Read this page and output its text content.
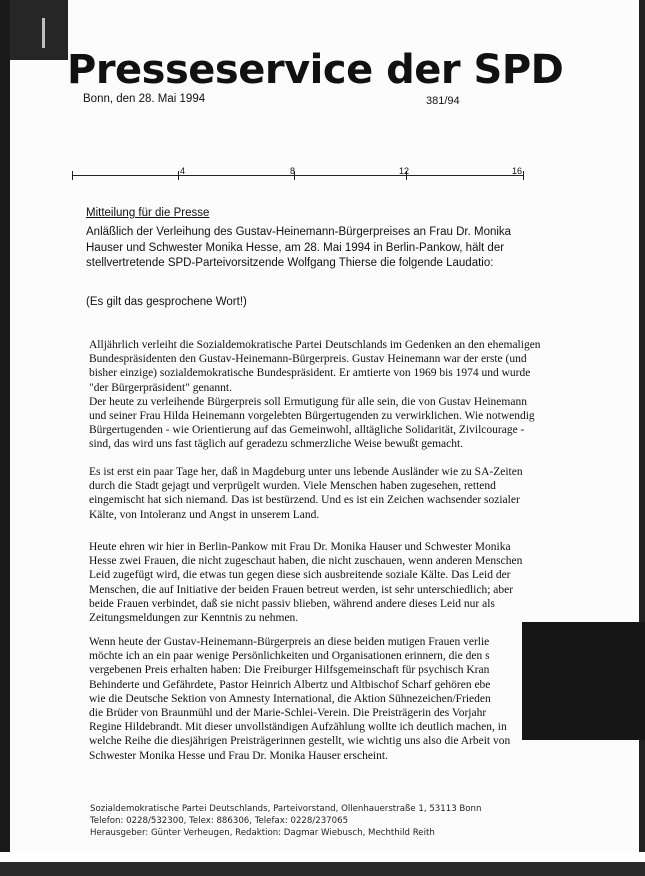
Presseservice der SPD
Bonn, den 28. Mai 1994	381/94
4	8	12	16
Mitteilung für die Presse
Anläßlich der Verleihung des Gustav-Heinemann-Bürgerpreises an Frau Dr. Monika Hauser und Schwester Monika Hesse, am 28. Mai 1994 in Berlin-Pankow, hält der stellvertretende SPD-Parteivorsitzende Wolfgang Thierse die folgende Laudatio:
(Es gilt das gesprochene Wort!)
Alljährlich verleiht die Sozialdemokratische Partei Deutschlands im Gedenken an den ehemaligen
Bundespräsidenten den Gustav-Heinemann-Bürgerpreis. Gustav Heinemann war der erste (und
bisher einzige) sozialdemokratische Bundespräsident. Er amtierte von 1969 bis 1974 und wurde
"der Bürgerpräsident" genannt.
Der heute zu verleihende Bürgerpreis soll Ermutigung für alle sein, die von Gustav Heinemann
und seiner Frau Hilda Heinemann vorgelebten Bürgertugenden zu verwirklichen. Wie notwendig
Bürgertugenden - wie Orientierung auf das Gemeinwohl, alltägliche Solidarität, Zivilcourage -
sind, das wird uns fast täglich auf geradezu schmerzliche Weise bewußt gemacht.
Es ist erst ein paar Tage her, daß in Magdeburg unter uns lebende Ausländer wie zu SA-Zeiten
durch die Stadt gejagt und verprügelt wurden. Viele Menschen haben zugesehen, rettend
eingemischt hat sich niemand. Das ist bestürzend. Und es ist ein Zeichen wachsender sozialer
Kälte, von Intoleranz und Angst in unserem Land.
Heute ehren wir hier in Berlin-Pankow mit Frau Dr. Monika Hauser und Schwester Monika
Hesse zwei Frauen, die nicht zugeschaut haben, die nicht zuschauen, wenn anderen Menschen
Leid zugefügt wird, die etwas tun gegen diese sich ausbreitende soziale Kälte. Das Leid der
Menschen, die auf Initiative der beiden Frauen betreut werden, ist sehr unterschiedlich; aber
beide Frauen verbindet, daß sie nicht passiv blieben, während andere dieses Leid nur als
Zeitungsmeldungen zur Kenntnis zu nehmen.
Wenn heute der Gustav-Heinemann-Bürgerpreis an diese beiden mutigen Frauen verlie
möchte ich an ein paar wenige Persönlichkeiten und Organisationen erinnern, die den s
vergebenen Preis erhalten haben: Die Freiburger Hilfsgemeinschaft für psychisch Kran
Behinderte und Gefährdete, Pastor Heinrich Albertz und Altbischof Scharf gehören ebe
wie die Deutsche Sektion von Amnesty International, die Aktion Sühnezeichen/Frieden
die Brüder von Braunmühl und der Marie-Schlei-Verein. Die Preisträgerin des Vorjahr
Regine Hildebrandt. Mit dieser unvollständigen Aufzählung wollte ich deutlich machen, in
welche Reihe die diesjährigen Preisträgerinnen gestellt, wie wichtig uns also die Arbeit von
Schwester Monika Hesse und Frau Dr. Monika Hauser erscheint.
Sozialdemokratische Partei Deutschlands, Parteivorstand, Ollenhauerstraße 1, 53113 Bonn
Telefon: 0228/532300, Telex: 886306, Telefax: 0228/237065
Herausgeber: Günter Verheugen, Redaktion: Dagmar Wiebusch, Mechthild Reith
